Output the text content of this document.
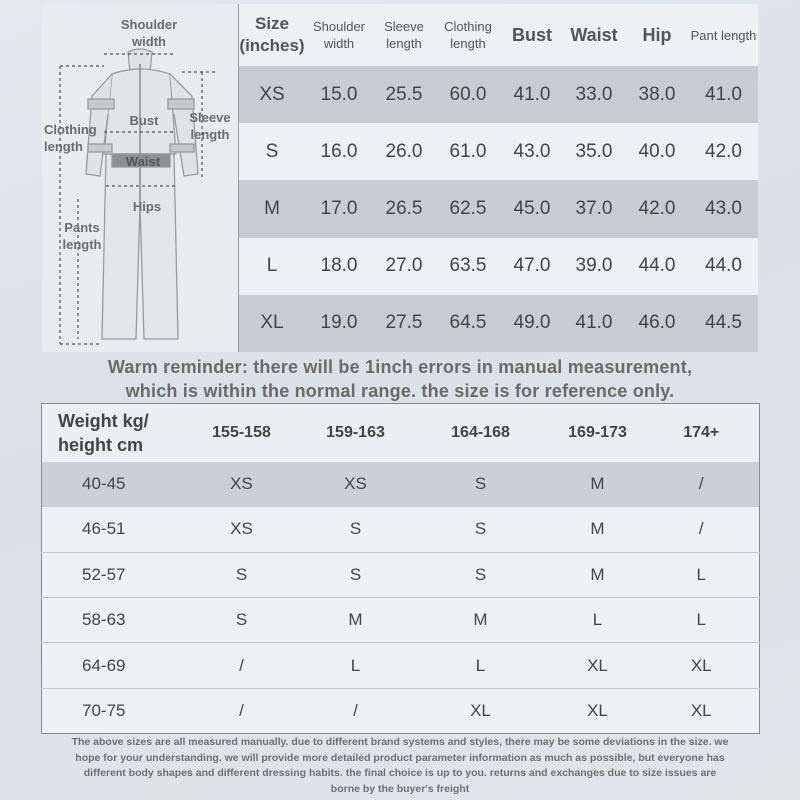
Shoulder width
Bust	Sleeve length
Clothing length
Waist
Hips
Pants length
Size (inches)	Shoulder width	Sleeve length	Clothing length	Bust	Waist	Hip	Pant length
XS	15.0	25.5	60.0	41.0	33.0	38.0	41.0
S	16.0	26.0	61.0	43.0	35.0	40.0	42.0
M	17.0	26.5	62.5	45.0	37.0	42.0	43.0
L	18.0	27.0	63.5	47.0	39.0	44.0	44.0
XL	19.0	27.5	64.5	49.0	41.0	46.0	44.5
Warm reminder: there will be 1inch errors in manual measurement,
which is within the normal range. the size is for reference only.
Weight kg/ height cm	155-158	159-163	164-168	169-173	174+
40-45	XS	XS	S	M	/
46-51	XS	S	S	M	/
52-57	S	S	S	M	L
58-63	S	M	M	L	L
64-69	/	L	L	XL	XL
70-75	/	/	XL	XL	XL
The above sizes are all measured manually. due to different brand systems and styles, there may be some deviations in the size. we hope for your understanding. we will provide more detailed product parameter information as much as possible, but everyone has different body shapes and different dressing habits. the final choice is up to you. returns and exchanges due to size issues are borne by the buyer's freight
